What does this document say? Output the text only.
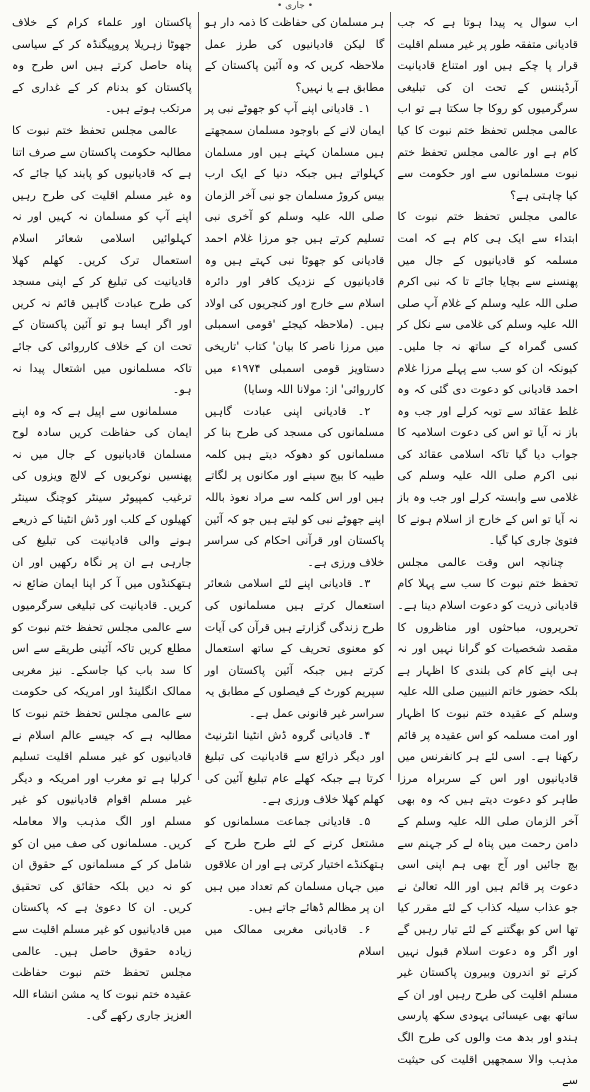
• جاری •

اب سوال یہ پیدا ہوتا ہے کہ جب قادیانی متفقہ طور پر غیر مسلم اقلیت قرار پا چکے ہیں اور امتناع قادیانیت آرڈیننس کے تحت ان کی تبلیغی سرگرمیوں کو روکا جا سکتا ہے تو اب عالمی مجلس تحفظ ختم نبوت کا کیا کام ہے اور عالمی مجلس تحفظ ختم نبوت مسلمانوں سے اور حکومت سے کیا چاہتی ہے؟

عالمی مجلس تحفظ ختم نبوت کا ابتداء سے ایک ہی کام ہے کہ امت مسلمہ کو قادیانیوں کے جال میں پھنسنے سے بچایا جائے تا کہ نبی اکرم صلی اللہ علیہ وسلم کے غلام آپ صلی اللہ علیہ وسلم کی غلامی سے نکل کر کسی گمراہ کے ساتھ نہ جا ملیں۔ کیونکہ ان کو سب سے پہلے مرزا غلام احمد قادیانی کو دعوت دی گئی کہ وہ غلط عقائد سے توبہ کرلے اور جب وہ باز نہ آیا تو اس کی دعوت اسلامیہ کا جواب دیا گیا تاکہ اسلامی عقائد کی نبی اکرم صلی اللہ علیہ وسلم کی غلامی سے وابستہ کرلے اور جب وہ باز نہ آیا تو اس کے خارج از اسلام ہونے کا فتویٰ جاری کیا گیا۔

چنانچہ اس وقت عالمی مجلس تحفظ ختم نبوت کا سب سے پہلا کام قادیانی ذریت کو دعوت اسلام دینا ہے۔ تحریروں، مباحثوں اور مناظروں کا مقصد شخصیات کو گرانا نہیں اور نہ ہی اپنے کام کی بلندی کا اظہار ہے بلکہ حضور خاتم النبیین صلی اللہ علیہ وسلم کے عقیدہ ختم نبوت کا اظہار اور امت مسلمہ کو اس عقیدہ پر قائم رکھنا ہے۔ اسی لئے ہر کانفرنس میں قادیانیوں اور اس کے سربراہ مرزا طاہر کو دعوت دیتے ہیں کہ وہ بھی آخر الزمان صلی اللہ علیہ وسلم کے دامن رحمت میں پناہ لے کر جہنم سے بچ جائیں اور آج بھی ہم اپنی اسی دعوت پر قائم ہیں اور اللہ تعالیٰ نے جو عذاب سیلہ کذاب کے لئے مقرر کیا تھا اس کو بھگتنے کے لئے تیار رہیں گے اور اگر وہ دعوت اسلام قبول نہیں کرتے تو اندرون وبیرون پاکستان غیر مسلم اقلیت کی طرح رہیں اور ان کے ساتھ بھی عیسائی یہودی سکھ پارسی ہندو اور بدھ مت والوں کی طرح الگ مذہب والا سمجھیں اقلیت کی حیثیت سے

ہر مسلمان کی حفاظت کا ذمہ دار ہو گا لیکن قادیانیوں کی طرز عمل ملاحظہ کریں کہ وہ آئین پاکستان کے مطابق ہے یا نہیں؟

۱۔ قادیانی اپنے آپ کو جھوٹے نبی پر ایمان لانے کے باوجود مسلمان سمجھتے ہیں مسلمان کہتے ہیں اور مسلمان کہلواتے ہیں جبکہ دنیا کے ایک ارب بیس کروڑ مسلمان جو نبی آخر الزمان صلی اللہ علیہ وسلم کو آخری نبی تسلیم کرتے ہیں جو مرزا غلام احمد قادیانی کو جھوٹا نبی کہتے ہیں وہ قادیانیوں کے نزدیک کافر اور دائرہ اسلام سے خارج اور کنجریوں کی اولاد ہیں۔ (ملاحظہ کیجئے 'قومی اسمبلی میں مرزا ناصر کا بیان' کتاب 'تاریخی دستاویز قومی اسمبلی ۱۹۷۴ء میں کارروائی' از: مولانا اللہ وسایا)

۲۔ قادیانی اپنی عبادت گاہیں مسلمانوں کی مسجد کی طرح بنا کر مسلمانوں کو دھوکہ دیتے ہیں کلمہ طیبہ کا بیج سینے اور مکانوں پر لگاتے ہیں اور اس کلمہ سے مراد نعوذ باللہ اپنے جھوٹے نبی کو لیتے ہیں جو کہ آئین پاکستان اور قرآنی احکام کی سراسر خلاف ورزی ہے۔

۳۔ قادیانی اپنے لئے اسلامی شعائر استعمال کرتے ہیں مسلمانوں کی طرح زندگی گزارتے ہیں قرآن کی آیات کو معنوی تحریف کے ساتھ استعمال کرتے ہیں جبکہ آئین پاکستان اور سپریم کورٹ کے فیصلوں کے مطابق یہ سراسر غیر قانونی عمل ہے۔

۴۔ قادیانی گروہ ڈش انٹینا انٹرنیٹ اور دیگر ذرائع سے قادیانیت کی تبلیغ کرتا ہے جبکہ کھلے عام تبلیغ آئین کی کھلم کھلا خلاف ورزی ہے۔

۵۔ قادیانی جماعت مسلمانوں کو مشتعل کرنے کے لئے طرح طرح کے ہتھکنڈے اختیار کرتی ہے اور ان علاقوں میں جہاں مسلمان کم تعداد میں ہیں ان پر مظالم ڈھائے جاتے ہیں۔

۶۔ قادیانی مغربی ممالک میں اسلام

پاکستان اور علماء کرام کے خلاف جھوٹا زہریلا پروپیگنڈہ کر کے سیاسی پناہ حاصل کرتے ہیں اس طرح وہ پاکستان کو بدنام کر کے غداری کے مرتکب ہوتے ہیں۔

عالمی مجلس تحفظ ختم نبوت کا مطالبہ حکومت پاکستان سے صرف اتنا ہے کہ قادیانیوں کو پابند کیا جائے کہ وہ غیر مسلم اقلیت کی طرح رہیں اپنے آپ کو مسلمان نہ کہیں اور نہ کہلوائیں اسلامی شعائر اسلام استعمال ترک کریں۔ کھلم کھلا قادیانیت کی تبلیغ کر کے اپنی مسجد کی طرح عبادت گاہیں قائم نہ کریں اور اگر ایسا ہو تو آئین پاکستان کے تحت ان کے خلاف کارروائی کی جائے تاکہ مسلمانوں میں اشتعال پیدا نہ ہو۔

مسلمانوں سے اپیل ہے کہ وہ اپنے ایمان کی حفاظت کریں سادہ لوح مسلمان قادیانیوں کے جال میں نہ پھنسیں نوکریوں کے لالچ ویزوں کی ترغیب کمپیوٹر سینٹر کوچنگ سینٹر کھیلوں کے کلب اور ڈش انٹینا کے ذریعے ہونے والی قادیانیت کی تبلیغ کی جارہی ہے ان پر نگاہ رکھیں اور ان ہتھکنڈوں میں آ کر اپنا ایمان ضائع نہ کریں۔ قادیانیت کی تبلیغی سرگرمیوں سے عالمی مجلس تحفظ ختم نبوت کو مطلع کریں تاکہ آئینی طریقے سے اس کا سد باب کیا جاسکے۔ نیز مغربی ممالک انگلینڈ اور امریکہ کی حکومت سے عالمی مجلس تحفظ ختم نبوت کا مطالبہ ہے کہ جیسے عالم اسلام نے قادیانیوں کو غیر مسلم اقلیت تسلیم کرلیا ہے تو مغرب اور امریکہ و دیگر غیر مسلم اقوام قادیانیوں کو غیر مسلم اور الگ مذہب والا معاملہ کریں۔ مسلمانوں کی صف میں ان کو شامل کر کے مسلمانوں کے حقوق ان کو نہ دیں بلکہ حقائق کی تحقیق کریں۔ ان کا دعویٰ ہے کہ پاکستان میں قادیانیوں کو غیر مسلم اقلیت سے زیادہ حقوق حاصل ہیں۔ عالمی مجلس تحفظ ختم نبوت حفاظت عقیدہ ختم نبوت کا یہ مشن انشاء اللہ العزیز جاری رکھے گی۔
